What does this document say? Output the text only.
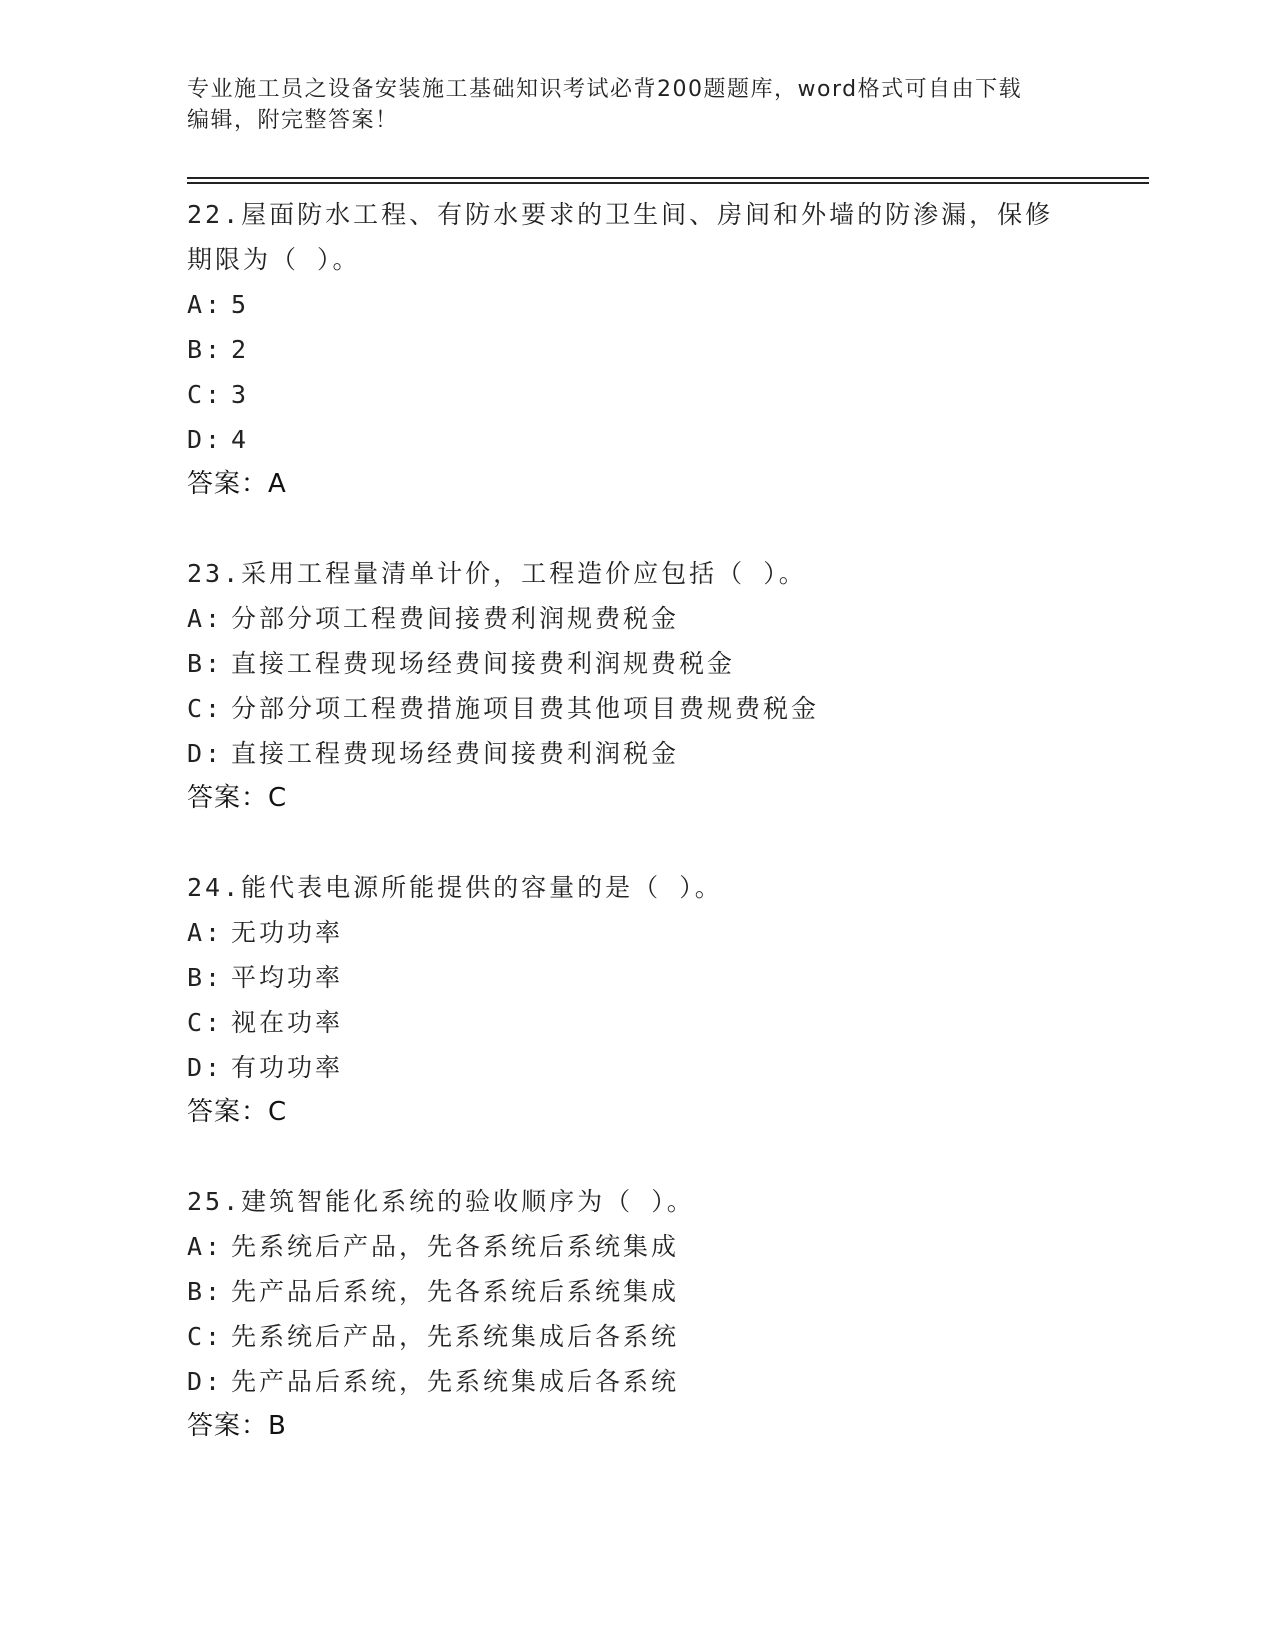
专业施工员之设备安装施工基础知识考试必背200题题库，word格式可自由下载
编辑，附完整答案！
22.屋面防水工程、有防水要求的卫生间、房间和外墙的防渗漏，保修
期限为（ ）。
A: 5
B: 2
C: 3
D: 4
答案：A
23.采用工程量清单计价，工程造价应包括（ ）。
A: 分部分项工程费间接费利润规费税金
B: 直接工程费现场经费间接费利润规费税金
C: 分部分项工程费措施项目费其他项目费规费税金
D: 直接工程费现场经费间接费利润税金
答案：C
24.能代表电源所能提供的容量的是（ ）。
A: 无功功率
B: 平均功率
C: 视在功率
D: 有功功率
答案：C
25.建筑智能化系统的验收顺序为（ ）。
A: 先系统后产品，先各系统后系统集成
B: 先产品后系统，先各系统后系统集成
C: 先系统后产品，先系统集成后各系统
D: 先产品后系统，先系统集成后各系统
答案：B
